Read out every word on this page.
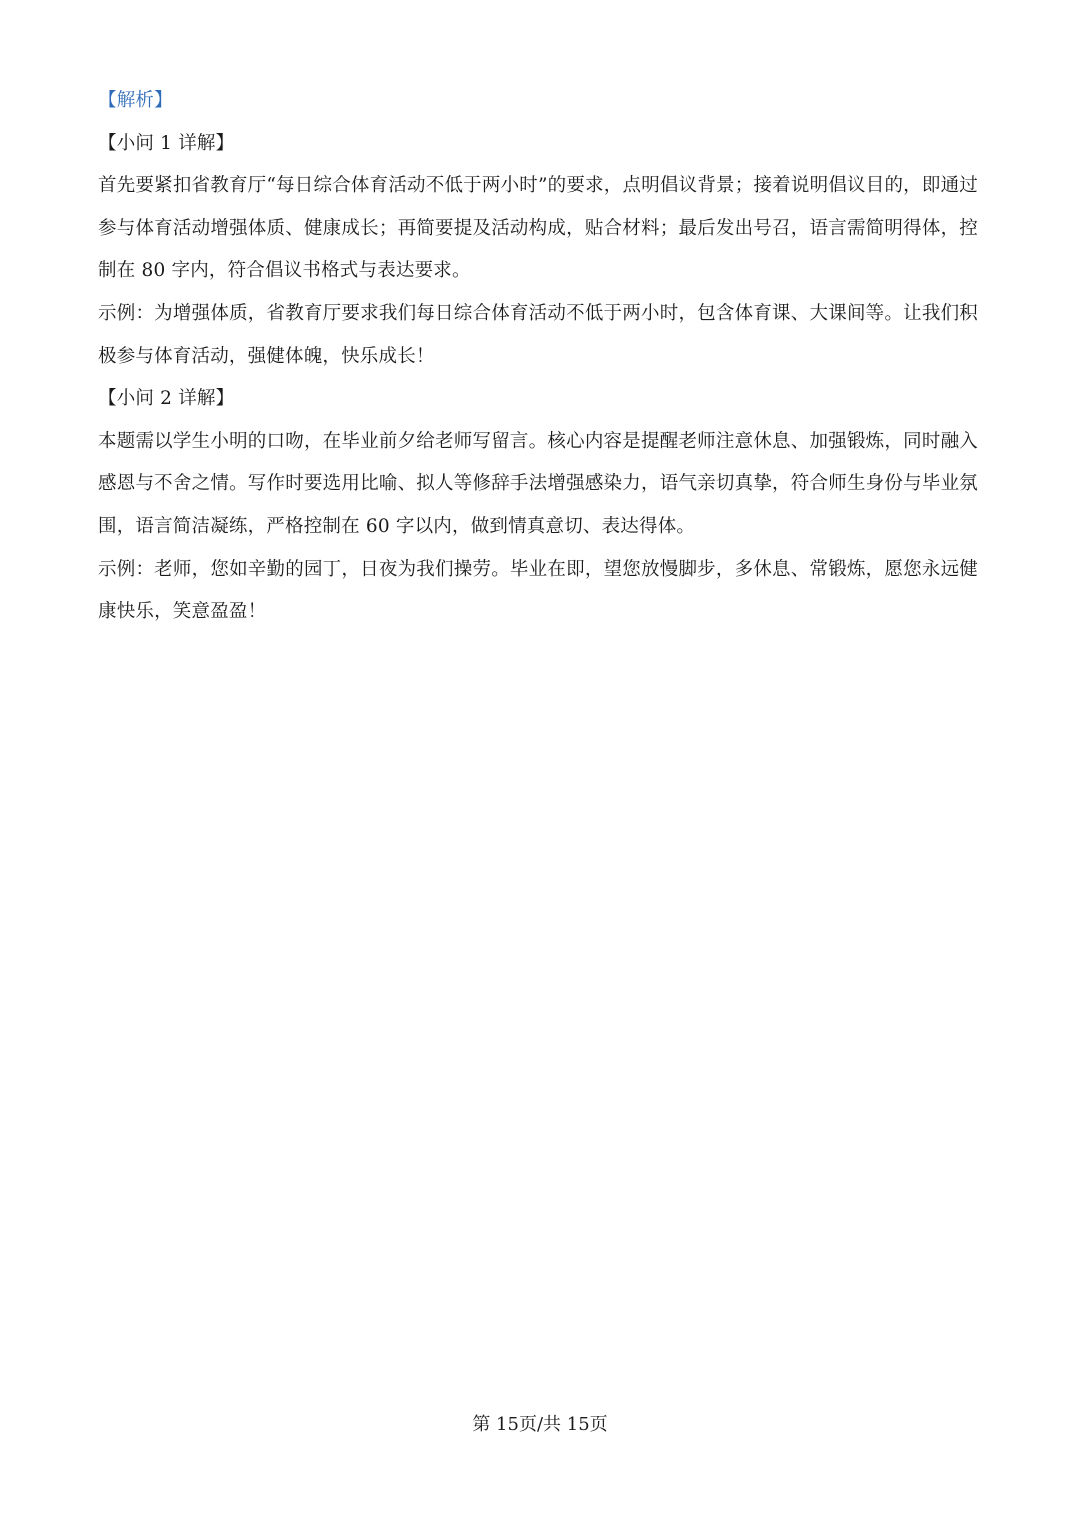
【解析】
【小问 1 详解】
首先要紧扣省教育厅“每日综合体育活动不低于两小时”的要求，点明倡议背景；接着说明倡议目的，即通过参与体育活动增强体质、健康成长；再简要提及活动构成，贴合材料；最后发出号召，语言需简明得体，控制在 80 字内，符合倡议书格式与表达要求。
示例：为增强体质，省教育厅要求我们每日综合体育活动不低于两小时，包含体育课、大课间等。让我们积极参与体育活动，强健体魄，快乐成长！
【小问 2 详解】
本题需以学生小明的口吻，在毕业前夕给老师写留言。核心内容是提醒老师注意休息、加强锻炼，同时融入感恩与不舍之情。写作时要选用比喻、拟人等修辞手法增强感染力，语气亲切真挚，符合师生身份与毕业氛围，语言简洁凝练，严格控制在 60 字以内，做到情真意切、表达得体。
示例：老师，您如辛勤的园丁，日夜为我们操劳。毕业在即，望您放慢脚步，多休息、常锻炼，愿您永远健康快乐，笑意盈盈！
第 15页/共 15页
